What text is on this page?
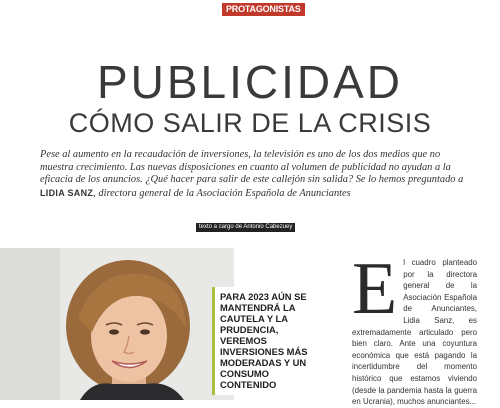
PROTAGONISTAS
PUBLICIDAD
CÓMO SALIR DE LA CRISIS

Pese al aumento en la recaudación de inversiones, la televisión es uno de los dos medios que no muestra crecimiento. Las nuevas disposiciones en cuanto al volumen de publicidad no ayudan a la eficacia de los anuncios. ¿Qué hacer para salir de este callejón sin salida? Se lo hemos preguntado a LIDIA SANZ, directora general de la Asociación Española de Anunciantes

texto a cargo de Antonio Cabezuey
PARA 2023 AÚN SE MANTENDRÁ LA CAUTELA Y LA PRUDENCIA, VEREMOS INVERSIONES MÁS MODERADAS Y UN CONSUMO CONTENIDO
E l cuadro planteado por la directora general de la Asociación Española de Anunciantes, Lidia Sanz, es extremadamente articulado pero bien claro. Ante una coyuntura económica que está pagando la incertidumbre del momento histórico que estamos viviendo (desde la pandemia hasta la guerra en Ucrania), muchos anunciantes...
